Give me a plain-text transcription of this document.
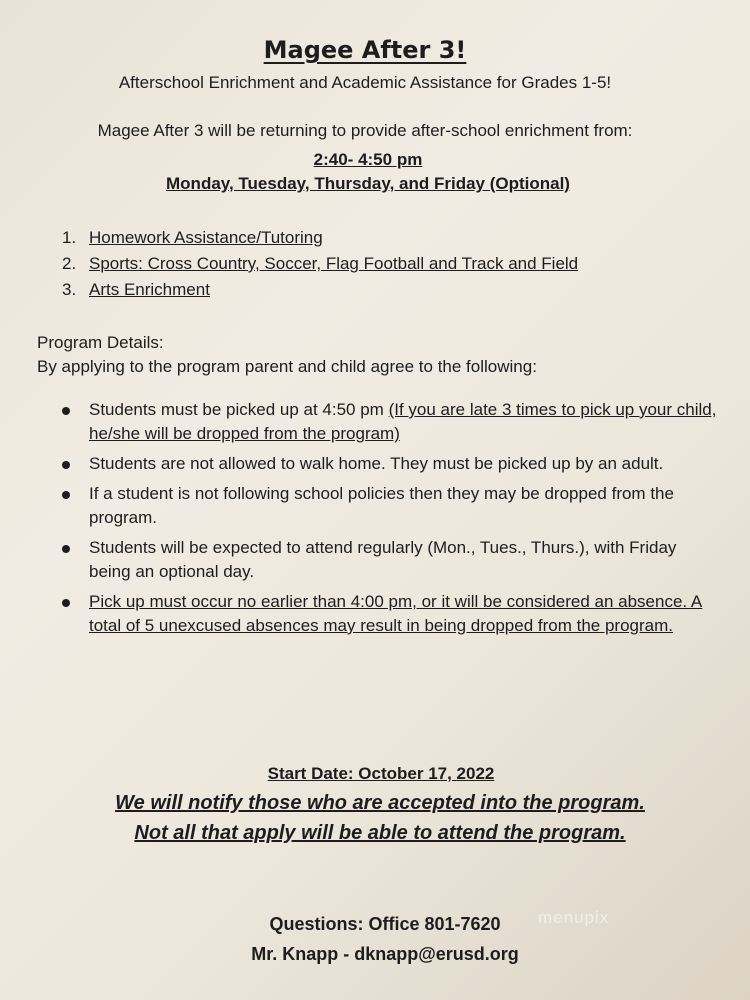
Magee After 3!
Afterschool Enrichment and Academic Assistance for Grades 1-5!
Magee After 3 will be returning to provide after-school enrichment from:
2:40- 4:50 pm
Monday, Tuesday, Thursday, and Friday (Optional)
1. Homework Assistance/Tutoring
2. Sports: Cross Country, Soccer, Flag Football and Track and Field
3. Arts Enrichment
Program Details:
By applying to the program parent and child agree to the following:
Students must be picked up at 4:50 pm (If you are late 3 times to pick up your child, he/she will be dropped from the program)
Students are not allowed to walk home. They must be picked up by an adult.
If a student is not following school policies then they may be dropped from the program.
Students will be expected to attend regularly (Mon., Tues., Thurs.), with Friday being an optional day.
Pick up must occur no earlier than 4:00 pm, or it will be considered an absence. A total of 5 unexcused absences may result in being dropped from the program.
Start Date: October 17, 2022
We will notify those who are accepted into the program.
Not all that apply will be able to attend the program.
Questions: Office 801-7620
Mr. Knapp - dknapp@erusd.org
menupix
